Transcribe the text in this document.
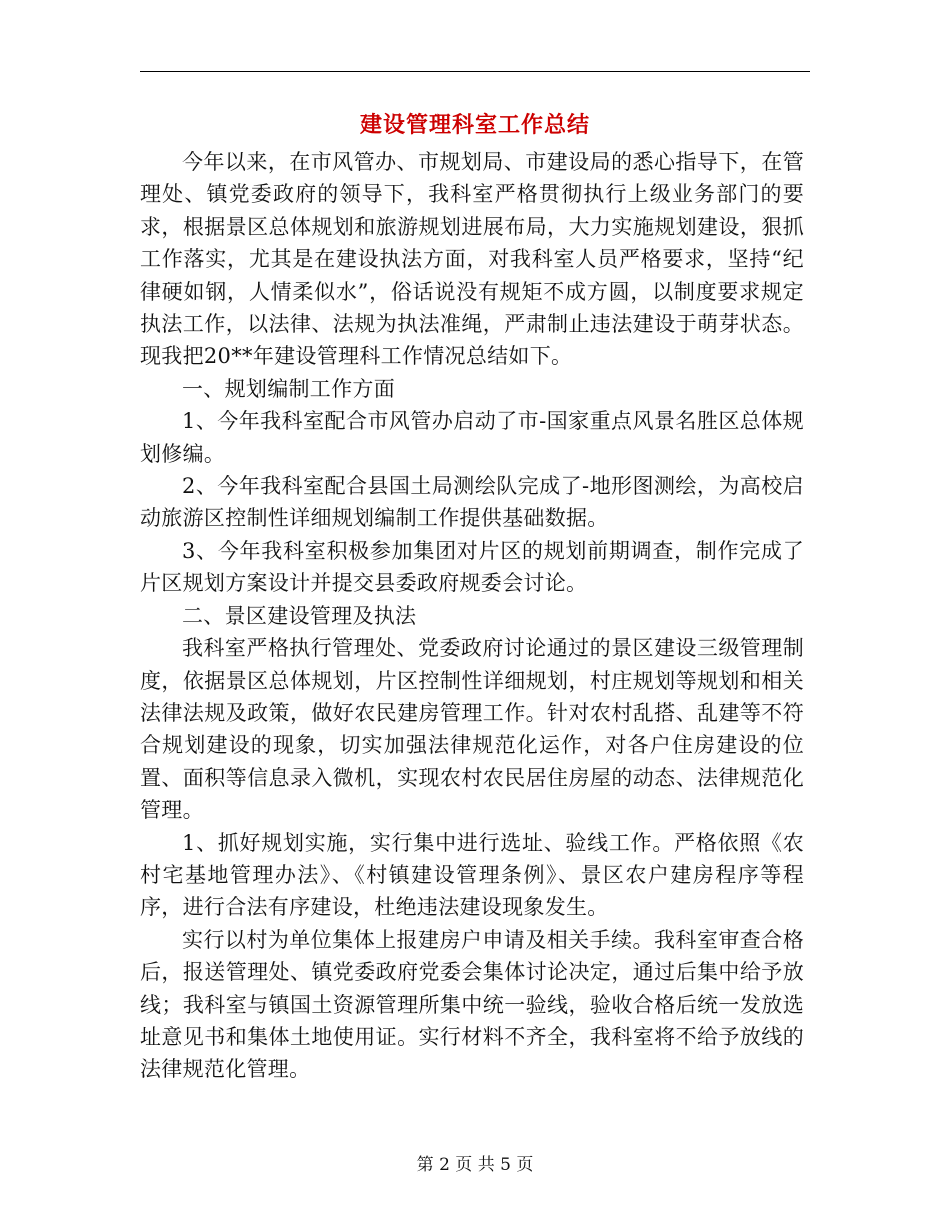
建设管理科室工作总结

今年以来，在市风管办、市规划局、市建设局的悉心指导下，在管理处、镇党委政府的领导下，我科室严格贯彻执行上级业务部门的要求，根据景区总体规划和旅游规划进展布局，大力实施规划建设，狠抓工作落实，尤其是在建设执法方面，对我科室人员严格要求，坚持“纪律硬如钢，人情柔似水”，俗话说没有规矩不成方圆，以制度要求规定执法工作，以法律、法规为执法准绳，严肃制止违法建设于萌芽状态。现我把20**年建设管理科工作情况总结如下。

一、规划编制工作方面

1、今年我科室配合市风管办启动了市-国家重点风景名胜区总体规划修编。

2、今年我科室配合县国土局测绘队完成了-地形图测绘，为高校启动旅游区控制性详细规划编制工作提供基础数据。

3、今年我科室积极参加集团对片区的规划前期调查，制作完成了片区规划方案设计并提交县委政府规委会讨论。

二、景区建设管理及执法

我科室严格执行管理处、党委政府讨论通过的景区建设三级管理制度，依据景区总体规划，片区控制性详细规划，村庄规划等规划和相关法律法规及政策，做好农民建房管理工作。针对农村乱搭、乱建等不符合规划建设的现象，切实加强法律规范化运作，对各户住房建设的位置、面积等信息录入微机，实现农村农民居住房屋的动态、法律规范化管理。

1、抓好规划实施，实行集中进行选址、验线工作。严格依照《农村宅基地管理办法》、《村镇建设管理条例》、景区农户建房程序等程序，进行合法有序建设，杜绝违法建设现象发生。

实行以村为单位集体上报建房户申请及相关手续。我科室审查合格后，报送管理处、镇党委政府党委会集体讨论决定，通过后集中给予放线；我科室与镇国土资源管理所集中统一验线，验收合格后统一发放选址意见书和集体土地使用证。实行材料不齐全，我科室将不给予放线的法律规范化管理。

第 2 页 共 5 页
